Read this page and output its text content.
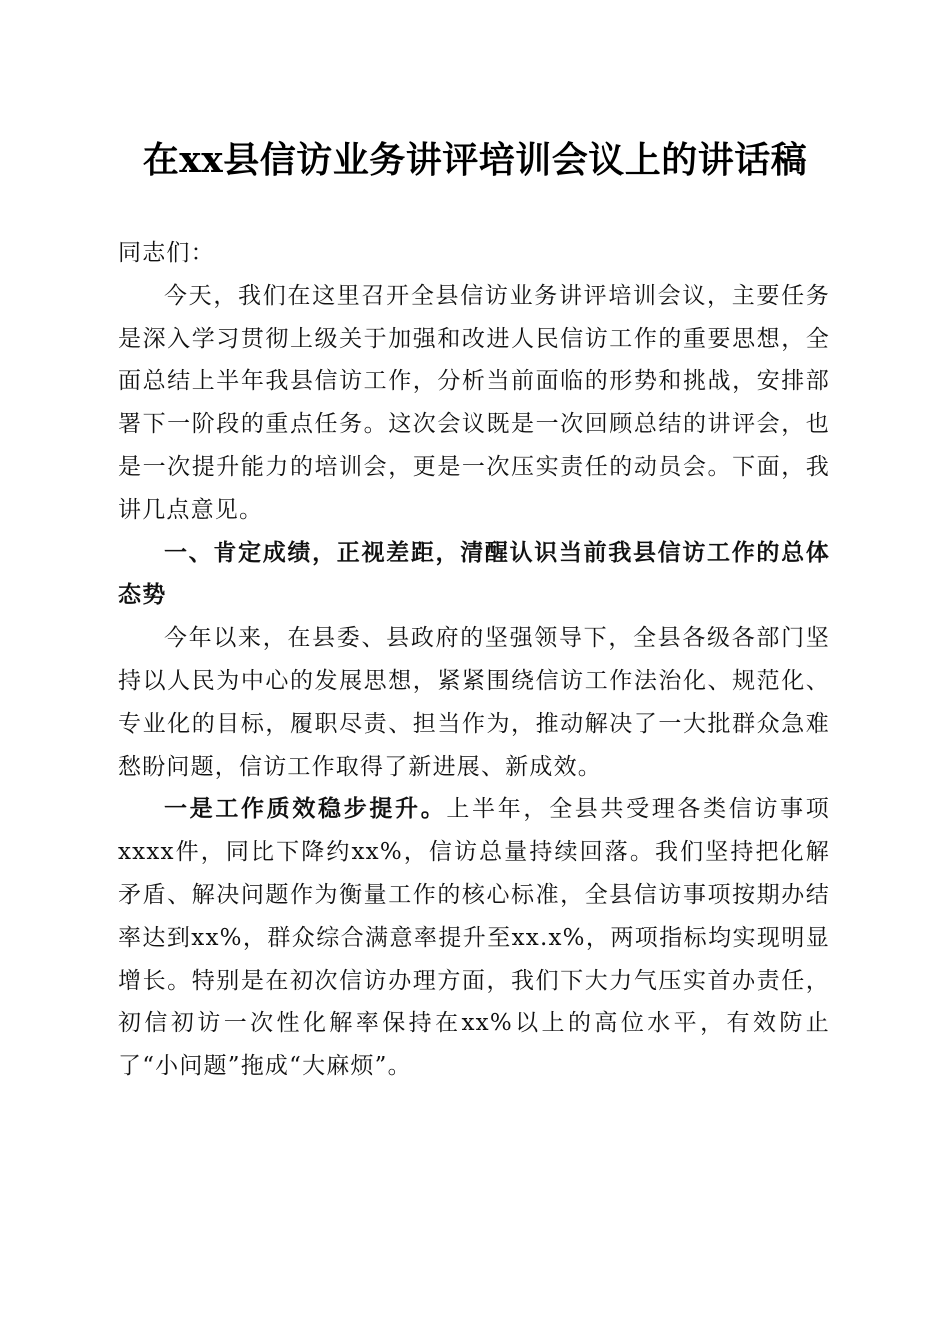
在xx县信访业务讲评培训会议上的讲话稿

同志们：

今天，我们在这里召开全县信访业务讲评培训会议，主要任务是深入学习贯彻上级关于加强和改进人民信访工作的重要思想，全面总结上半年我县信访工作，分析当前面临的形势和挑战，安排部署下一阶段的重点任务。这次会议既是一次回顾总结的讲评会，也是一次提升能力的培训会，更是一次压实责任的动员会。下面，我讲几点意见。

一、肯定成绩，正视差距，清醒认识当前我县信访工作的总体态势

今年以来，在县委、县政府的坚强领导下，全县各级各部门坚持以人民为中心的发展思想，紧紧围绕信访工作法治化、规范化、专业化的目标，履职尽责、担当作为，推动解决了一大批群众急难愁盼问题，信访工作取得了新进展、新成效。

一是工作质效稳步提升。上半年，全县共受理各类信访事项xxxx件，同比下降约xx%，信访总量持续回落。我们坚持把化解矛盾、解决问题作为衡量工作的核心标准，全县信访事项按期办结率达到xx%，群众综合满意率提升至xx.x%，两项指标均实现明显增长。特别是在初次信访办理方面，我们下大力气压实首办责任，初信初访一次性化解率保持在xx%以上的高位水平，有效防止了“小问题”拖成“大麻烦”。
